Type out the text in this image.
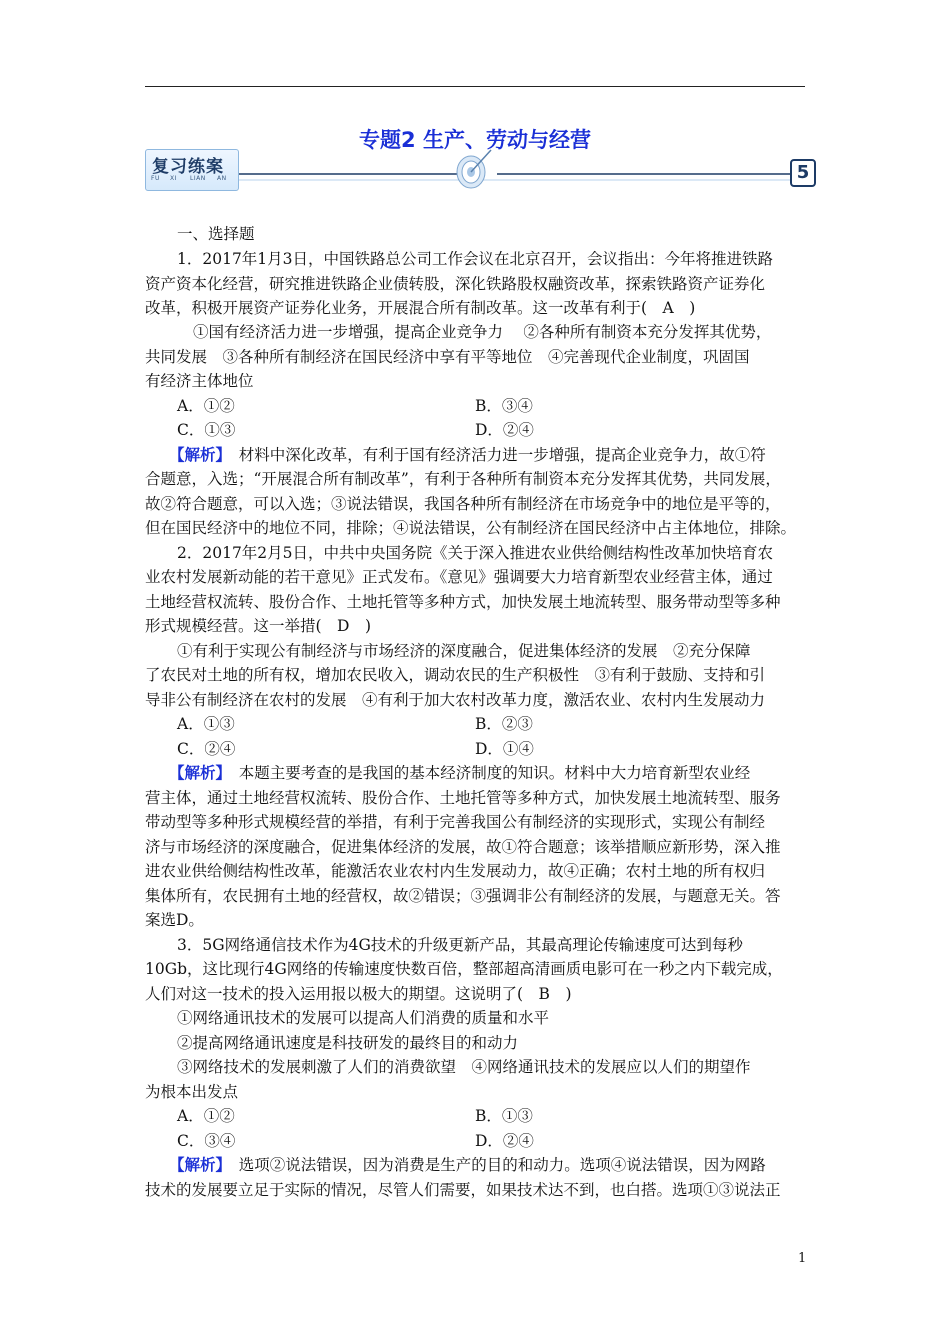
专题2 生产、劳动与经营
复习练案
FU XI LIAN AN	5
一、选择题
1．2017年1月3日，中国铁路总公司工作会议在北京召开，会议指出：今年将推进铁路
资产资本化经营，研究推进铁路企业债转股，深化铁路股权融资改革，探索铁路资产证券化
改革，积极开展资产证券化业务，开展混合所有制改革。这一改革有利于(　A　)
①国有经济活力进一步增强，提高企业竞争力　 ②各种所有制资本充分发挥其优势，
共同发展　③各种所有制经济在国民经济中享有平等地位　④完善现代企业制度，巩固国
有经济主体地位
A．①②	B．③④
C．①③	D．②④
【解析】　材料中深化改革，有利于国有经济活力进一步增强，提高企业竞争力，故①符
合题意，入选；“开展混合所有制改革”，有利于各种所有制资本充分发挥其优势，共同发展，
故②符合题意，可以入选；③说法错误，我国各种所有制经济在市场竞争中的地位是平等的，
但在国民经济中的地位不同，排除；④说法错误，公有制经济在国民经济中占主体地位，排除。
2．2017年2月5日，中共中央国务院《关于深入推进农业供给侧结构性改革加快培育农
业农村发展新动能的若干意见》正式发布。《意见》强调要大力培育新型农业经营主体，通过
土地经营权流转、股份合作、土地托管等多种方式，加快发展土地流转型、服务带动型等多种
形式规模经营。这一举措(　D　)
①有利于实现公有制经济与市场经济的深度融合，促进集体经济的发展　②充分保障
了农民对土地的所有权，增加农民收入，调动农民的生产积极性　③有利于鼓励、支持和引
导非公有制经济在农村的发展　④有利于加大农村改革力度，激活农业、农村内生发展动力
A．①③	B．②③
C．②④	D．①④
【解析】　本题主要考查的是我国的基本经济制度的知识。材料中大力培育新型农业经
营主体，通过土地经营权流转、股份合作、土地托管等多种方式，加快发展土地流转型、服务
带动型等多种形式规模经营的举措，有利于完善我国公有制经济的实现形式，实现公有制经
济与市场经济的深度融合，促进集体经济的发展，故①符合题意；该举措顺应新形势，深入推
进农业供给侧结构性改革，能激活农业农村内生发展动力，故④正确；农村土地的所有权归
集体所有，农民拥有土地的经营权，故②错误；③强调非公有制经济的发展，与题意无关。答
案选D。
3．5G网络通信技术作为4G技术的升级更新产品，其最高理论传输速度可达到每秒
10Gb，这比现行4G网络的传输速度快数百倍，整部超高清画质电影可在一秒之内下载完成，
人们对这一技术的投入运用报以极大的期望。这说明了(　B　)
①网络通讯技术的发展可以提高人们消费的质量和水平
②提高网络通讯速度是科技研发的最终目的和动力
③网络技术的发展刺激了人们的消费欲望　④网络通讯技术的发展应以人们的期望作
为根本出发点
A．①②	B．①③
C．③④	D．②④
【解析】　选项②说法错误，因为消费是生产的目的和动力。选项④说法错误，因为网路
技术的发展要立足于实际的情况，尽管人们需要，如果技术达不到，也白搭。选项①③说法正
1
